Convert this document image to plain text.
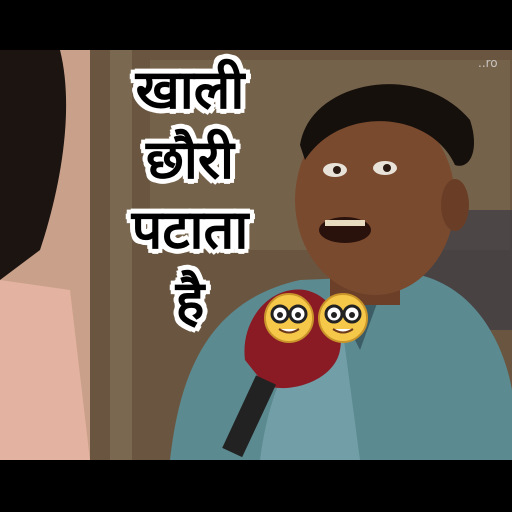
खाली
छौरी
पटाता
है
..ro
